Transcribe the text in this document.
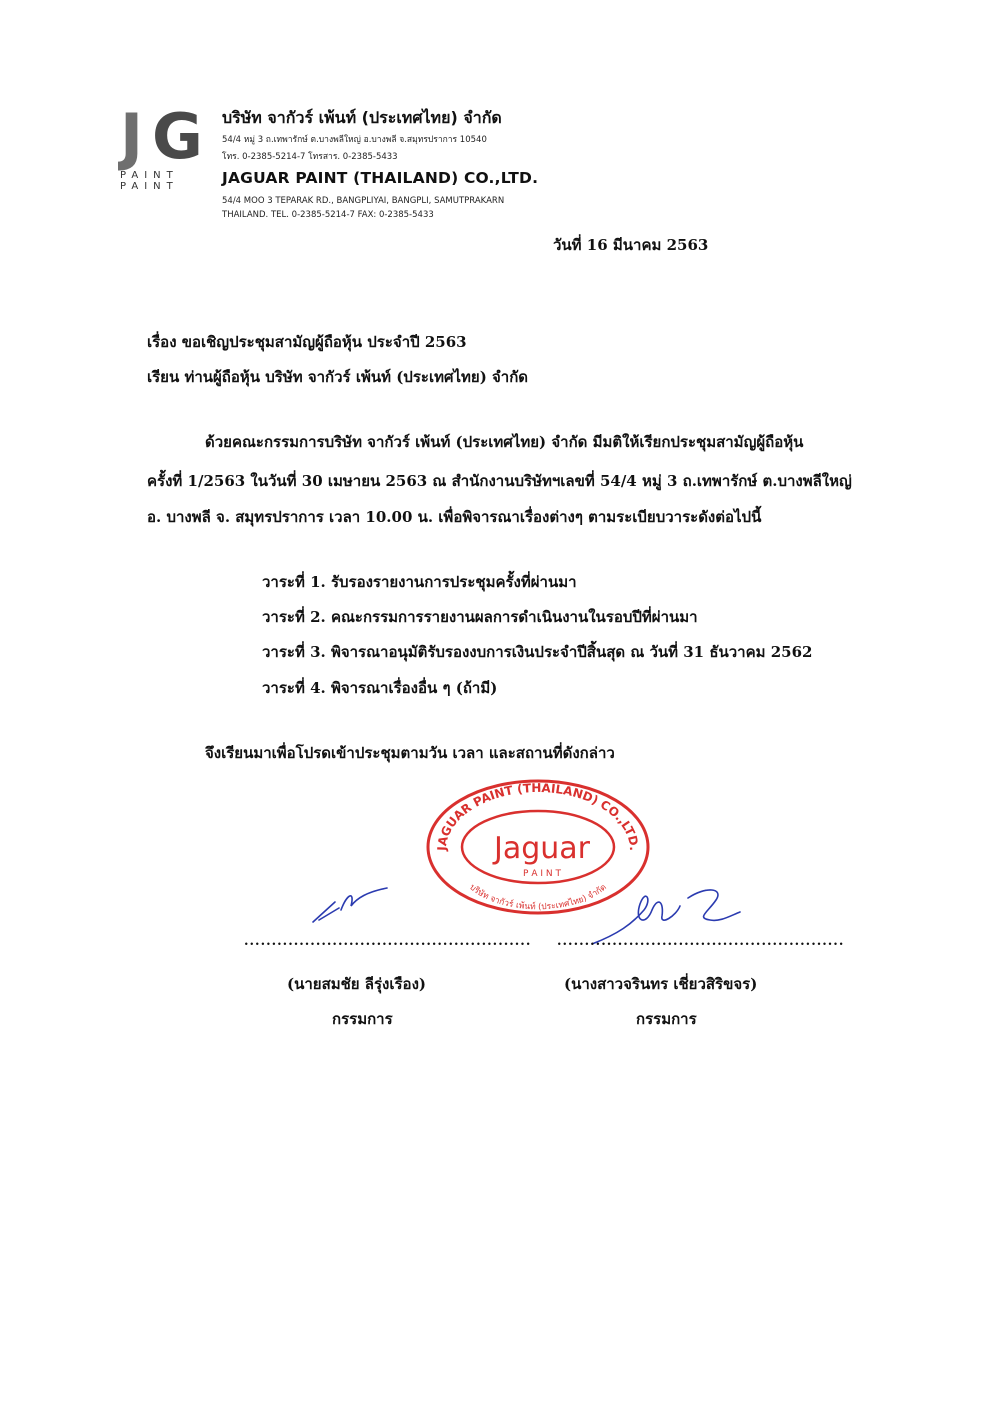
J G
PAINT
PAINT
บริษัท จากัวร์ เพ้นท์ (ประเทศไทย) จำกัด
54/4 หมู่ 3 ถ.เทพารักษ์ ต.บางพลีใหญ่ อ.บางพลี จ.สมุทรปราการ 10540
โทร. 0-2385-5214-7 โทรสาร. 0-2385-5433
JAGUAR PAINT (THAILAND) CO.,LTD.
54/4 MOO 3 TEPARAK RD., BANGPLIYAI, BANGPLI, SAMUTPRAKARN
THAILAND. TEL. 0-2385-5214-7 FAX: 0-2385-5433
วันที่ 16 มีนาคม 2563
เรื่อง ขอเชิญประชุมสามัญผู้ถือหุ้น ประจำปี 2563
เรียน ท่านผู้ถือหุ้น บริษัท จากัวร์ เพ้นท์ (ประเทศไทย) จำกัด
ด้วยคณะกรรมการบริษัท จากัวร์ เพ้นท์ (ประเทศไทย) จำกัด มีมติให้เรียกประชุมสามัญผู้ถือหุ้น
ครั้งที่ 1/2563 ในวันที่ 30 เมษายน 2563 ณ สำนักงานบริษัทฯเลขที่ 54/4 หมู่ 3 ถ.เทพารักษ์ ต.บางพลีใหญ่
อ. บางพลี จ. สมุทรปราการ เวลา 10.00 น. เพื่อพิจารณาเรื่องต่างๆ ตามระเบียบวาระดังต่อไปนี้
วาระที่ 1. รับรองรายงานการประชุมครั้งที่ผ่านมา
วาระที่ 2. คณะกรรมการรายงานผลการดำเนินงานในรอบปีที่ผ่านมา
วาระที่ 3. พิจารณาอนุมัติรับรองงบการเงินประจำปีสิ้นสุด ณ วันที่ 31 ธันวาคม 2562
วาระที่ 4. พิจารณาเรื่องอื่น ๆ (ถ้ามี)
จึงเรียนมาเพื่อโปรดเข้าประชุมตามวัน เวลา และสถานที่ดังกล่าว
JAGUAR PAINT (THAILAND) CO.,LTD.
Jaguar
P A I N T
บริษัท จากัวร์ เพ้นท์ (ประเทศไทย) จำกัด
.................................................... ....................................................
(นายสมชัย ลีรุ่งเรือง)	(นางสาวจรินทร เชี่ยวสิริขจร)
กรรมการ	กรรมการ
